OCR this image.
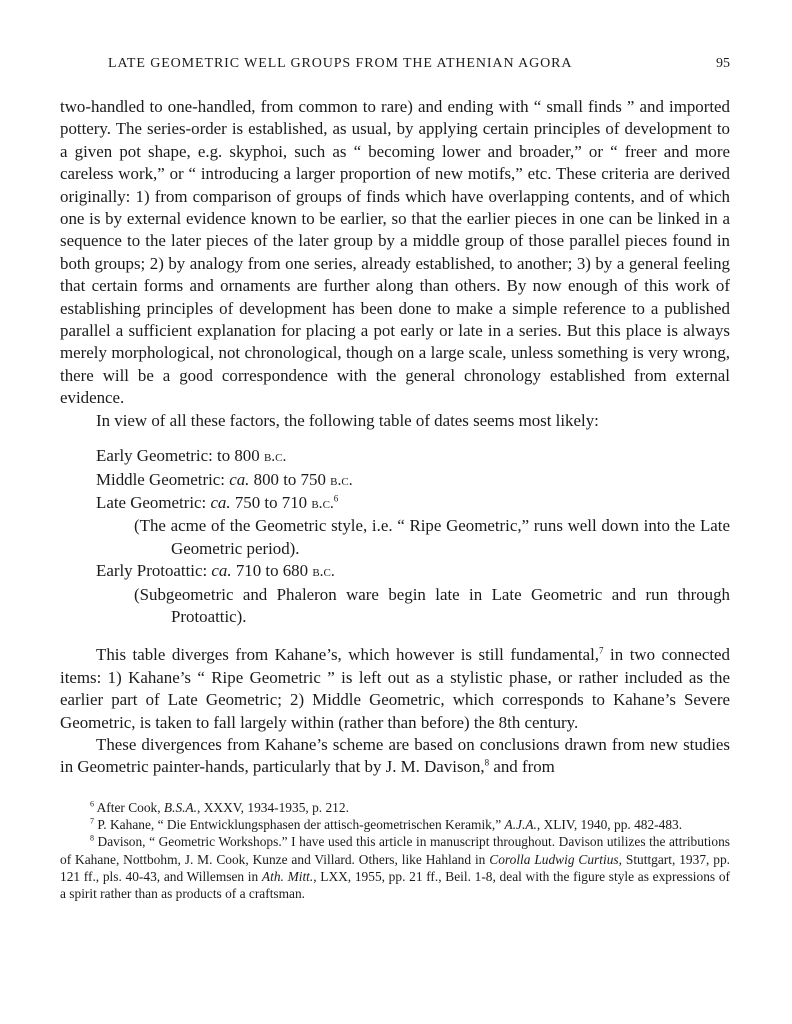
LATE GEOMETRIC WELL GROUPS FROM THE ATHENIAN AGORA	95

two-handled to one-handled, from common to rare) and ending with “ small finds ” and imported pottery. The series-order is established, as usual, by applying certain principles of development to a given pot shape, e.g. skyphoi, such as “ becoming lower and broader,” or “ freer and more careless work,” or “ introducing a larger proportion of new motifs,” etc. These criteria are derived originally: 1) from comparison of groups of finds which have overlapping contents, and of which one is by external evidence known to be earlier, so that the earlier pieces in one can be linked in a sequence to the later pieces of the later group by a middle group of those parallel pieces found in both groups; 2) by analogy from one series, already established, to another; 3) by a general feeling that certain forms and ornaments are further along than others. By now enough of this work of establishing principles of development has been done to make a simple reference to a published parallel a sufficient explanation for placing a pot early or late in a series. But this place is always merely morphological, not chronological, though on a large scale, unless something is very wrong, there will be a good correspondence with the general chronology established from external evidence.

In view of all these factors, the following table of dates seems most likely:

Early Geometric: to 800 b.c.

Middle Geometric: ca. 800 to 750 b.c.

Late Geometric: ca. 750 to 710 b.c.$^6$

(The acme of the Geometric style, i.e. “ Ripe Geometric,” runs well down into the Late Geometric period).

Early Protoattic: ca. 710 to 680 b.c.

(Subgeometric and Phaleron ware begin late in Late Geometric and run through Protoattic).

This table diverges from Kahane’s, which however is still fundamental,$^7$ in two connected items: 1) Kahane’s “ Ripe Geometric ” is left out as a stylistic phase, or rather included as the earlier part of Late Geometric; 2) Middle Geometric, which corresponds to Kahane’s Severe Geometric, is taken to fall largely within (rather than before) the 8th century.

These divergences from Kahane’s scheme are based on conclusions drawn from new studies in Geometric painter-hands, particularly that by J. M. Davison,$^8$ and from

$^6$ After Cook, B.S.A., XXXV, 1934-1935, p. 212.

$^7$ P. Kahane, “ Die Entwicklungsphasen der attisch-geometrischen Keramik,” A.J.A., XLIV, 1940, pp. 482-483.

$^8$ Davison, “ Geometric Workshops.” I have used this article in manuscript throughout. Davison utilizes the attributions of Kahane, Nottbohm, J. M. Cook, Kunze and Villard. Others, like Hahland in Corolla Ludwig Curtius, Stuttgart, 1937, pp. 121 ff., pls. 40-43, and Willemsen in Ath. Mitt., LXX, 1955, pp. 21 ff., Beil. 1-8, deal with the figure style as expressions of a spirit rather than as products of a craftsman.
